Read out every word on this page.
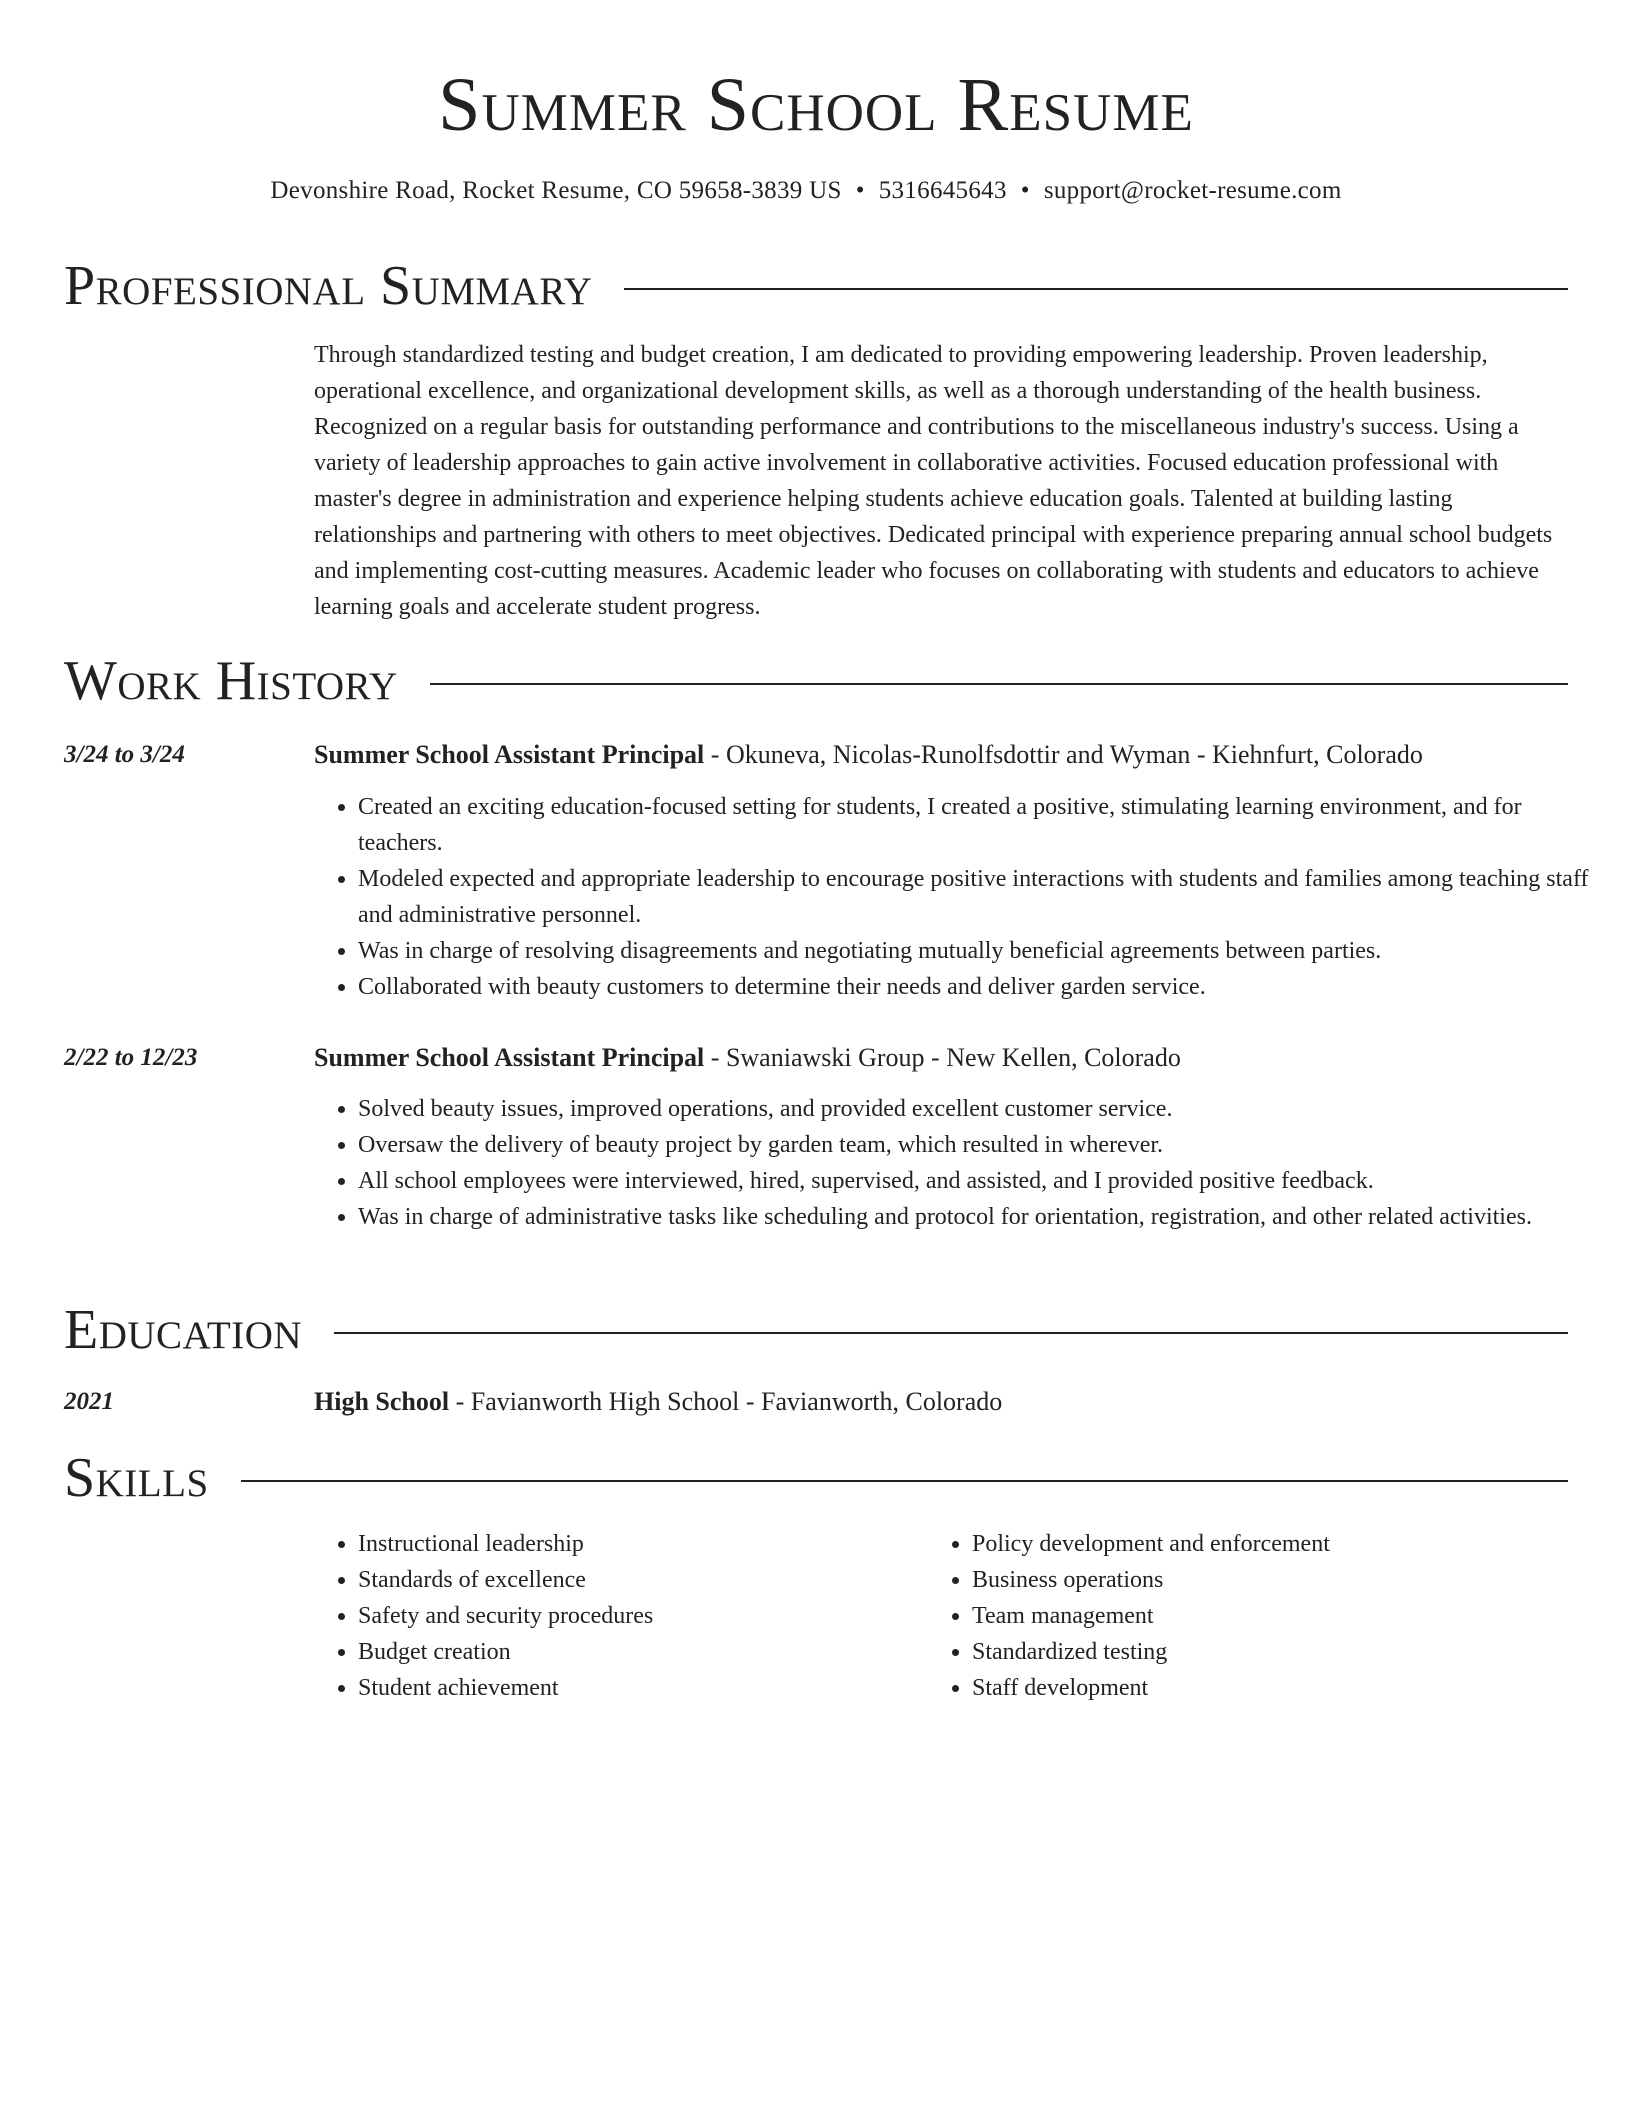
Summer School Resume
Devonshire Road, Rocket Resume, CO 59658-3839 US • 5316645643 • support@rocket-resume.com
Professional Summary

Through standardized testing and budget creation, I am dedicated to providing empowering leadership. Proven leadership, operational excellence, and organizational development skills, as well as a thorough understanding of the health business. Recognized on a regular basis for outstanding performance and contributions to the miscellaneous industry's success. Using a variety of leadership approaches to gain active involvement in collaborative activities. Focused education professional with master's degree in administration and experience helping students achieve education goals. Talented at building lasting relationships and partnering with others to meet objectives. Dedicated principal with experience preparing annual school budgets and implementing cost-cutting measures. Academic leader who focuses on collaborating with students and educators to achieve learning goals and accelerate student progress.

Work History
3/24 to 3/24	Summer School Assistant Principal - Okuneva, Nicolas-Runolfsdottir and Wyman - Kiehnfurt, Colorado
• Created an exciting education-focused setting for students, I created a positive, stimulating learning environment, and for teachers.
• Modeled expected and appropriate leadership to encourage positive interactions with students and families among teaching staff and administrative personnel.
• Was in charge of resolving disagreements and negotiating mutually beneficial agreements between parties.
• Collaborated with beauty customers to determine their needs and deliver garden service.
2/22 to 12/23	Summer School Assistant Principal - Swaniawski Group - New Kellen, Colorado
• Solved beauty issues, improved operations, and provided excellent customer service.
• Oversaw the delivery of beauty project by garden team, which resulted in wherever.
• All school employees were interviewed, hired, supervised, and assisted, and I provided positive feedback.
• Was in charge of administrative tasks like scheduling and protocol for orientation, registration, and other related activities.
Education
2021	High School - Favianworth High School - Favianworth, Colorado
Skills
• Instructional leadership
• Standards of excellence
• Safety and security procedures
• Budget creation
• Student achievement
• Policy development and enforcement
• Business operations
• Team management
• Standardized testing
• Staff development
